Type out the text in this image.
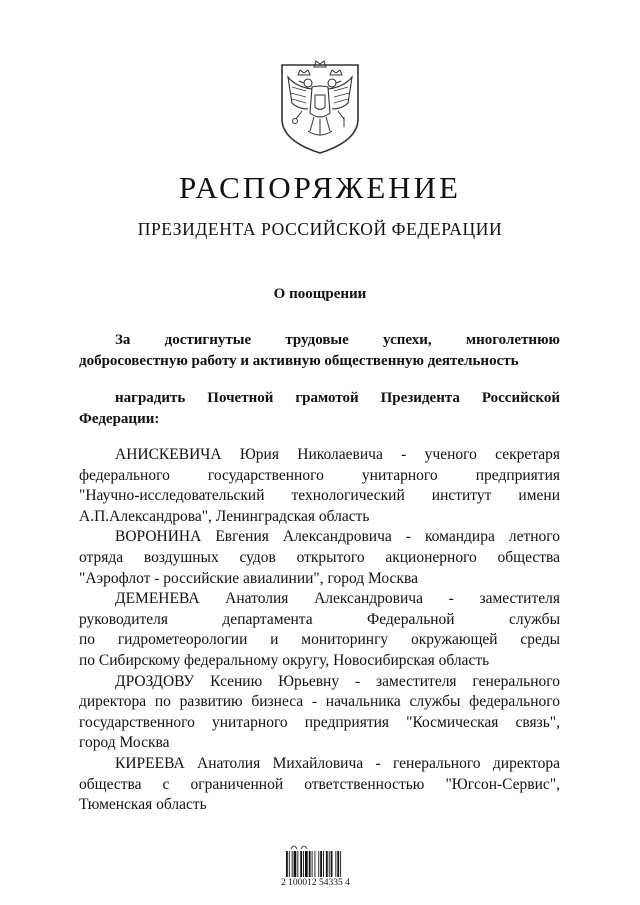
РАСПОРЯЖЕНИЕ
ПРЕЗИДЕНТА РОССИЙСКОЙ ФЕДЕРАЦИИ
О поощрении
За достигнутые трудовые успехи, многолетнюю
добросовестную работу и активную общественную деятельность
наградить Почетной грамотой Президента Российской
Федерации:
АНИСКЕВИЧА Юрия Николаевича - ученого секретаря
федерального государственного унитарного предприятия
"Научно-исследовательский технологический институт имени
А.П.Александрова", Ленинградская область
ВОРОНИНА Евгения Александровича - командира летного
отряда воздушных судов открытого акционерного общества
"Аэрофлот - российские авиалинии", город Москва
ДЕМЕНЕВА Анатолия Александровича - заместителя
руководителя департамента Федеральной службы
по гидрометеорологии и мониторингу окружающей среды
по Сибирскому федеральному округу, Новосибирская область
ДРОЗДОВУ Ксению Юрьевну - заместителя генерального
директора по развитию бизнеса - начальника службы федерального
государственного унитарного предприятия "Космическая связь",
город Москва
КИРЕЕВА Анатолия Михайловича - генерального директора
общества с ограниченной ответственностью "Югсон-Сервис",
Тюменская область
2 100012 54335 4
